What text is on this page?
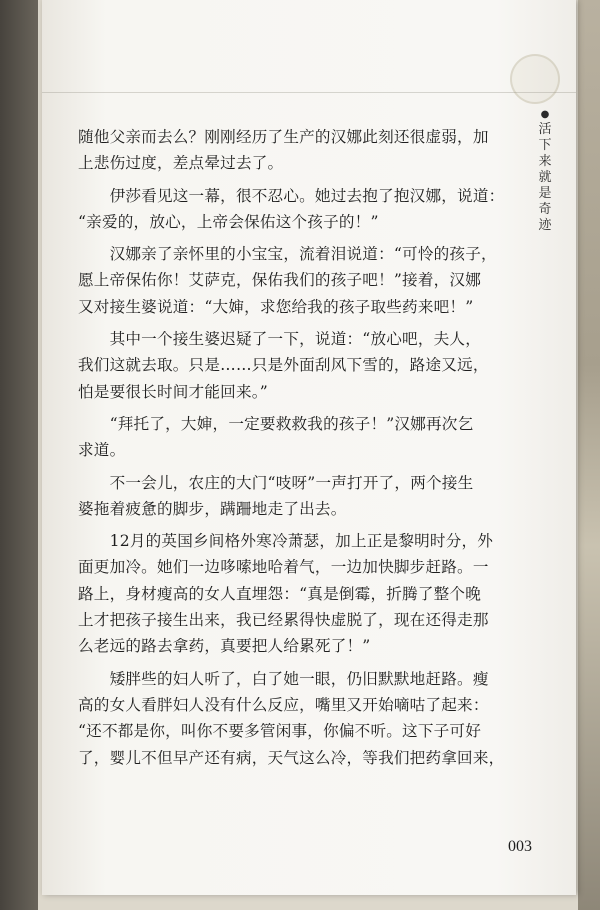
●
活
下
来
就
是
奇
迹
随他父亲而去么？刚刚经历了生产的汉娜此刻还很虚弱，加
上悲伤过度，差点晕过去了。
　　伊莎看见这一幕，很不忍心。她过去抱了抱汉娜，说道：
“亲爱的，放心，上帝会保佑这个孩子的！”
　　汉娜亲了亲怀里的小宝宝，流着泪说道：“可怜的孩子，
愿上帝保佑你！艾萨克，保佑我们的孩子吧！”接着，汉娜
又对接生婆说道：“大婶，求您给我的孩子取些药来吧！”
　　其中一个接生婆迟疑了一下，说道：“放心吧，夫人，
我们这就去取。只是……只是外面刮风下雪的，路途又远，
怕是要很长时间才能回来。”
　　“拜托了，大婶，一定要救救我的孩子！”汉娜再次乞
求道。
　　不一会儿，农庄的大门“吱呀”一声打开了，两个接生
婆拖着疲惫的脚步，蹒跚地走了出去。
　　12月的英国乡间格外寒冷萧瑟，加上正是黎明时分，外
面更加冷。她们一边哆嗦地哈着气，一边加快脚步赶路。一
路上，身材瘦高的女人直埋怨：“真是倒霉，折腾了整个晚
上才把孩子接生出来，我已经累得快虚脱了，现在还得走那
么老远的路去拿药，真要把人给累死了！”
　　矮胖些的妇人听了，白了她一眼，仍旧默默地赶路。瘦
高的女人看胖妇人没有什么反应，嘴里又开始嘀咕了起来：
“还不都是你，叫你不要多管闲事，你偏不听。这下子可好
了，婴儿不但早产还有病，天气这么冷，等我们把药拿回来，
003
